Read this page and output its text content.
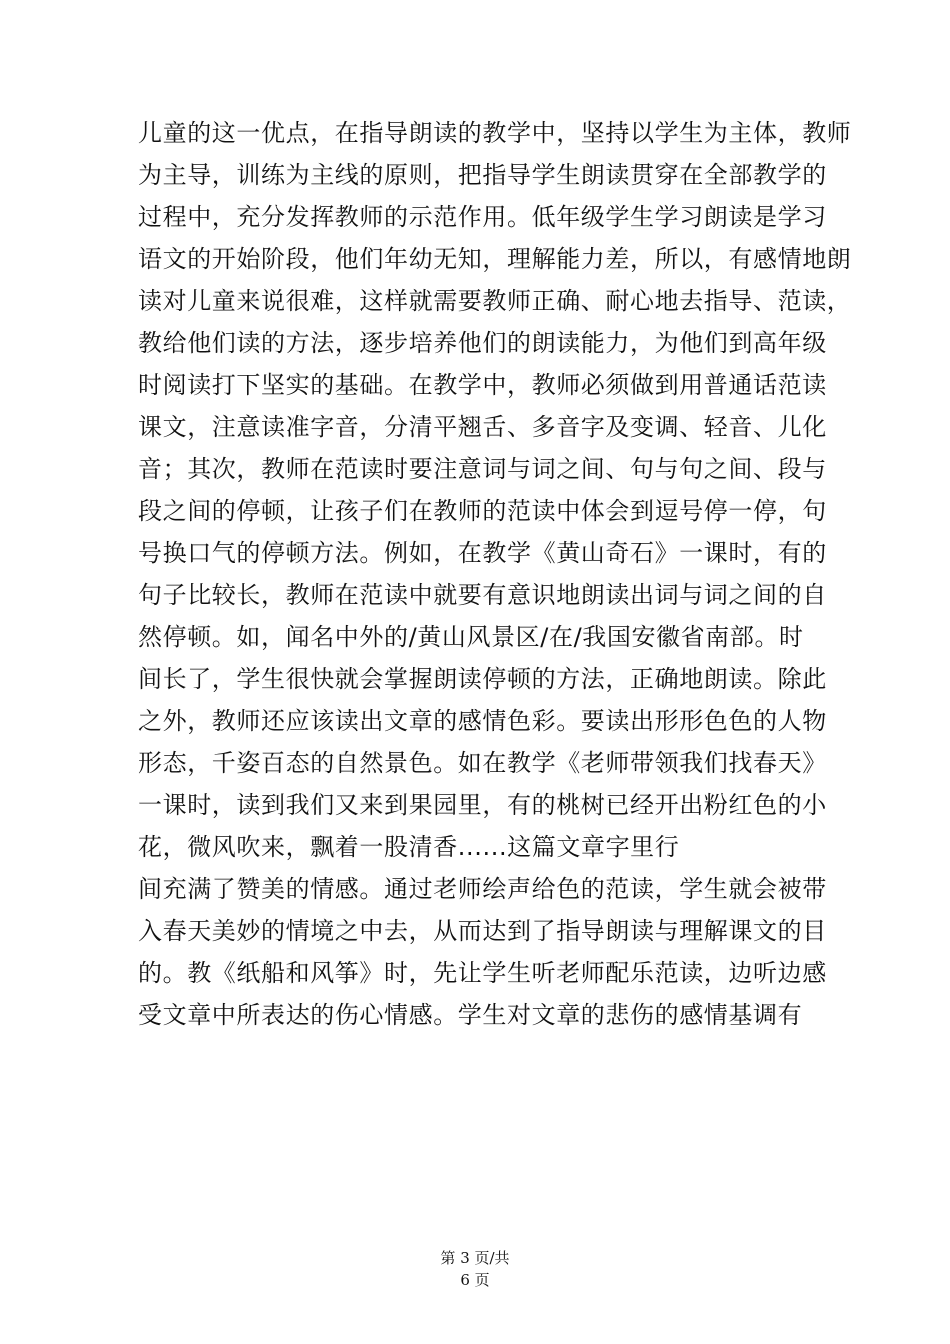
儿童的这一优点，在指导朗读的教学中，坚持以学生为主体，教师
为主导，训练为主线的原则，把指导学生朗读贯穿在全部教学的
过程中，充分发挥教师的示范作用。低年级学生学习朗读是学习
语文的开始阶段，他们年幼无知，理解能力差，所以，有感情地朗
读对儿童来说很难，这样就需要教师正确、耐心地去指导、范读，
教给他们读的方法，逐步培养他们的朗读能力，为他们到高年级
时阅读打下坚实的基础。在教学中，教师必须做到用普通话范读
课文，注意读准字音，分清平翘舌、多音字及变调、轻音、儿化
音；其次，教师在范读时要注意词与词之间、句与句之间、段与
段之间的停顿，让孩子们在教师的范读中体会到逗号停一停，句
号换口气的停顿方法。例如，在教学《黄山奇石》一课时，有的
句子比较长，教师在范读中就要有意识地朗读出词与词之间的自
然停顿。如，闻名中外的/黄山风景区/在/我国安徽省南部。时
间长了，学生很快就会掌握朗读停顿的方法，正确地朗读。除此
之外，教师还应该读出文章的感情色彩。要读出形形色色的人物
形态，千姿百态的自然景色。如在教学《老师带领我们找春天》
一课时，读到我们又来到果园里，有的桃树已经开出粉红色的小
花，微风吹来，飘着一股清香......这篇文章字里行
间充满了赞美的情感。通过老师绘声给色的范读，学生就会被带
入春天美妙的情境之中去，从而达到了指导朗读与理解课文的目
的。教《纸船和风筝》时，先让学生听老师配乐范读，边听边感
受文章中所表达的伤心情感。学生对文章的悲伤的感情基调有
第 3 页/共
6 页
